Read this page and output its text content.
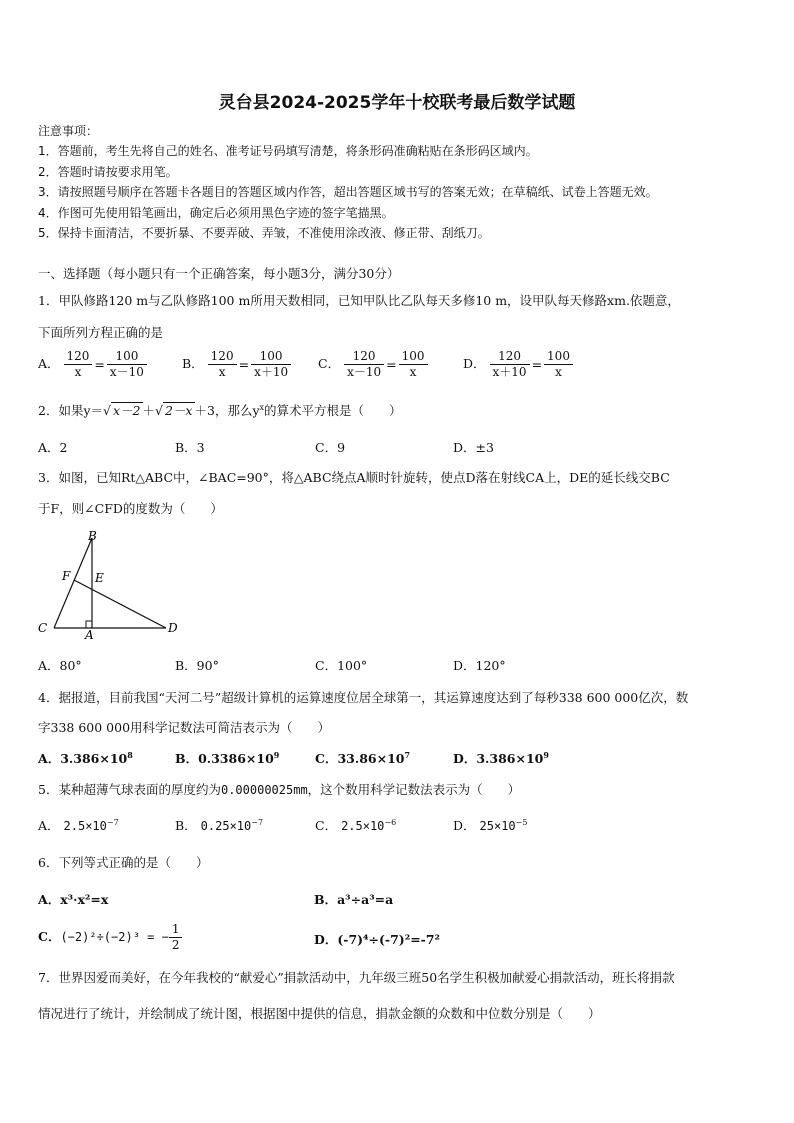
灵台县2024-2025学年十校联考最后数学试题
注意事项：
1．答题前，考生先将自己的姓名、准考证号码填写清楚，将条形码准确粘贴在条形码区域内。
2．答题时请按要求用笔。
3．请按照题号顺序在答题卡各题目的答题区域内作答，超出答题区域书写的答案无效；在草稿纸、试卷上答题无效。
4．作图可先使用铅笔画出，确定后必须用黑色字迹的签字笔描黑。
5．保持卡面清洁，不要折暴、不要弄破、弄皱，不准使用涂改液、修正带、刮纸刀。
一、选择题（每小题只有一个正确答案，每小题3分，满分30分）
1．甲队修路120 m与乙队修路100 m所用天数相同，已知甲队比乙队每天多修10 m，设甲队每天修路xm.依题意，
下面所列方程正确的是
A． $\frac{120}{x} = \frac{100}{x-10}$	B． $\frac{120}{x} = \frac{100}{x+10}$ C． $\frac{120}{x-10} = \frac{100}{x}$	D． $\frac{120}{x+10} = \frac{100}{x}$
2．如果y＝√ x－2 ＋√ 2－x ＋3，那么$y^x$的算术平方根是（　　）
A．2	B．3	C．9	D．±3
3．如图，已知Rt△ABC中，∠BAC=90°，将△ABC绕点A顺时针旋转，使点D落在射线CA上，DE的延长线交BC
于F，则∠CFD的度数为（　　）
B
F E
C	A	D
A．80°	B．90°	C．100°	D．120°
4．据报道，目前我国“天河二号”超级计算机的运算速度位居全球第一，其运算速度达到了每秒338 600 000亿次，数
字338 600 000用科学记数法可简洁表示为（　　）
A．$3.386\times 10^8$	B．$0.3386\times 10^9$	C．$33.86\times 10^7$	D．$3.386\times 10^9$
5．某种超薄气球表面的厚度约为0.00000025mm，这个数用科学记数法表示为（　　）
A． $2.5\times 10^{-7}$	B． $0.25\times 10^{-7}$	C． $2.5\times 10^{-6}$	D． $25\times 10^{-5}$
6．下列等式正确的是（　　）
A．x³·x²=x	B．a³÷a³=a
C．(−2)²÷(−2)³ = − $\frac{1}{2}$	D．(-7)⁴÷(-7)²=-7²
7．世界因爱而美好，在今年我校的“献爱心”捐款活动中，九年级三班50名学生积极加献爱心捐款活动，班长将捐款
情况进行了统计，并绘制成了统计图，根据图中提供的信息，捐款金额的众数和中位数分别是（　　）
